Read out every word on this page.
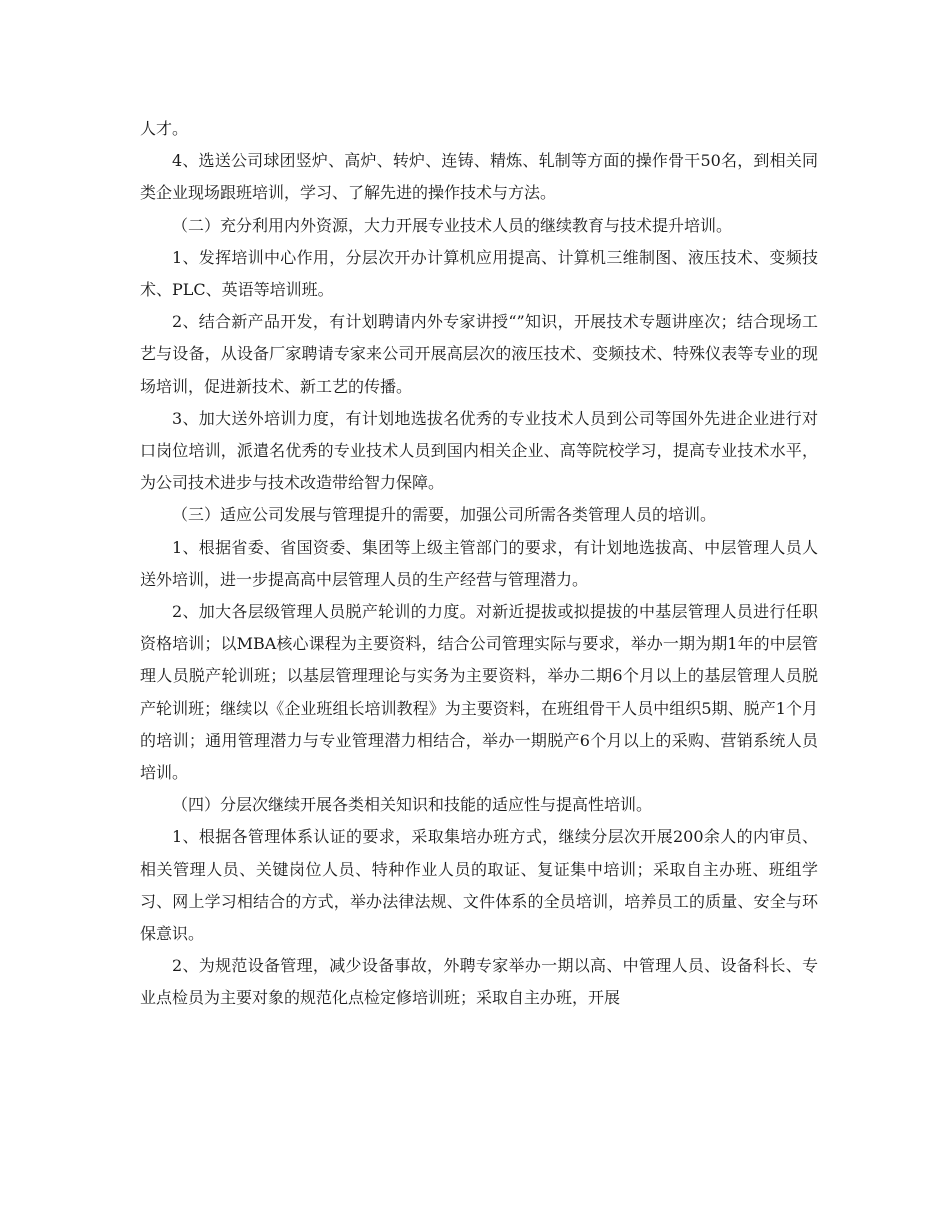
人才。

4、选送公司球团竖炉、高炉、转炉、连铸、精炼、轧制等方面的操作骨干50名，到相关同类企业现场跟班培训，学习、了解先进的操作技术与方法。

（二）充分利用内外资源，大力开展专业技术人员的继续教育与技术提升培训。

1、发挥培训中心作用，分层次开办计算机应用提高、计算机三维制图、液压技术、变频技术、PLC、英语等培训班。

2、结合新产品开发，有计划聘请内外专家讲授“”知识，开展技术专题讲座次；结合现场工艺与设备，从设备厂家聘请专家来公司开展高层次的液压技术、变频技术、特殊仪表等专业的现场培训，促进新技术、新工艺的传播。

3、加大送外培训力度，有计划地选拔名优秀的专业技术人员到公司等国外先进企业进行对口岗位培训，派遣名优秀的专业技术人员到国内相关企业、高等院校学习，提高专业技术水平，为公司技术进步与技术改造带给智力保障。

（三）适应公司发展与管理提升的需要，加强公司所需各类管理人员的培训。

1、根据省委、省国资委、集团等上级主管部门的要求，有计划地选拔高、中层管理人员人送外培训，进一步提高高中层管理人员的生产经营与管理潜力。

2、加大各层级管理人员脱产轮训的力度。对新近提拔或拟提拔的中基层管理人员进行任职资格培训；以MBA核心课程为主要资料，结合公司管理实际与要求，举办一期为期1年的中层管理人员脱产轮训班；以基层管理理论与实务为主要资料，举办二期6个月以上的基层管理人员脱产轮训班；继续以《企业班组长培训教程》为主要资料，在班组骨干人员中组织5期、脱产1个月的培训；通用管理潜力与专业管理潜力相结合，举办一期脱产6个月以上的采购、营销系统人员培训。

（四）分层次继续开展各类相关知识和技能的适应性与提高性培训。

1、根据各管理体系认证的要求，采取集培办班方式，继续分层次开展200余人的内审员、相关管理人员、关键岗位人员、特种作业人员的取证、复证集中培训；采取自主办班、班组学习、网上学习相结合的方式，举办法律法规、文件体系的全员培训，培养员工的质量、安全与环保意识。

2、为规范设备管理，减少设备事故，外聘专家举办一期以高、中管理人员、设备科长、专业点检员为主要对象的规范化点检定修培训班；采取自主办班，开展
